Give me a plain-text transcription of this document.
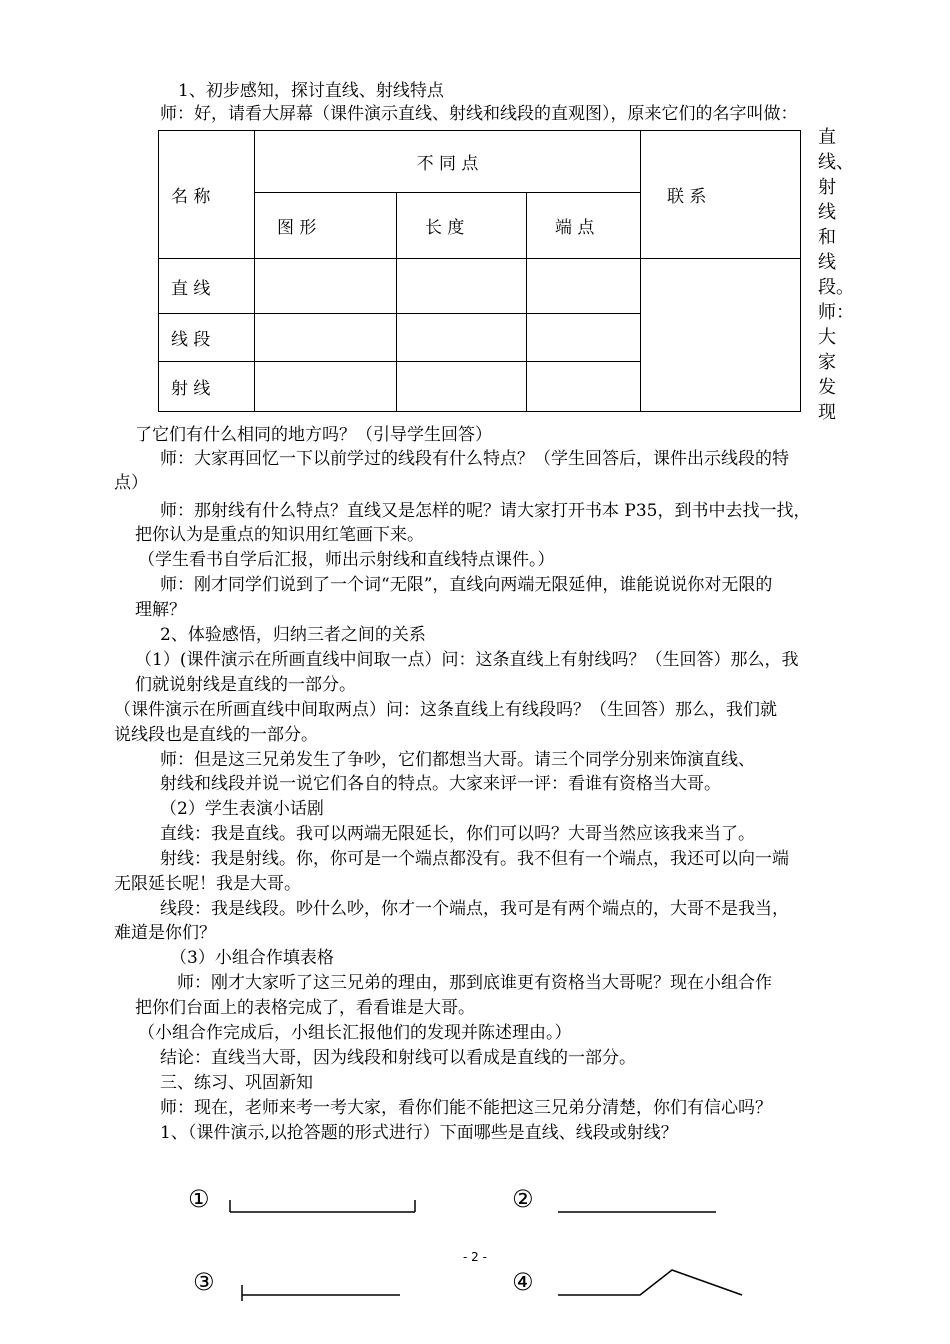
1、初步感知，探讨直线、射线特点
师：好，请看大屏幕（课件演示直线、射线和线段的直观图），原来它们的名字叫做：
直
线、
射
线
和
线
段。
师：
大
家
发
现
名 称	不 同 点			联 系
	图 形	长 度	端 点	
直 线				
线 段				
射 线				
了它们有什么相同的地方吗？（引导学生回答）
师：大家再回忆一下以前学过的线段有什么特点？（学生回答后，课件出示线段的特
点）
师：那射线有什么特点？直线又是怎样的呢？请大家打开书本 P35，到书中去找一找，
把你认为是重点的知识用红笔画下来。
（学生看书自学后汇报，师出示射线和直线特点课件。）
师：刚才同学们说到了一个词“无限”，直线向两端无限延伸，谁能说说你对无限的
理解？
2、体验感悟，归纳三者之间的关系
（1）(课件演示在所画直线中间取一点）问：这条直线上有射线吗？（生回答）那么，我
们就说射线是直线的一部分。
（课件演示在所画直线中间取两点）问：这条直线上有线段吗？（生回答）那么，我们就
说线段也是直线的一部分。
师：但是这三兄弟发生了争吵，它们都想当大哥。请三个同学分别来饰演直线、
射线和线段并说一说它们各自的特点。大家来评一评：看谁有资格当大哥。
（2）学生表演小话剧
直线：我是直线。我可以两端无限延长，你们可以吗？大哥当然应该我来当了。
射线：我是射线。你，你可是一个端点都没有。我不但有一个端点，我还可以向一端
无限延长呢！我是大哥。
线段：我是线段。吵什么吵，你才一个端点，我可是有两个端点的，大哥不是我当，
难道是你们？
（3）小组合作填表格
师：刚才大家听了这三兄弟的理由，那到底谁更有资格当大哥呢？现在小组合作
把你们台面上的表格完成了，看看谁是大哥。
（小组合作完成后，小组长汇报他们的发现并陈述理由。）
结论：直线当大哥，因为线段和射线可以看成是直线的一部分。
三、练习、巩固新知
师：现在，老师来考一考大家，看你们能不能把这三兄弟分清楚，你们有信心吗？
1、（课件演示,以抢答题的形式进行）下面哪些是直线、线段或射线？
①	②
③	④
- 2 -
